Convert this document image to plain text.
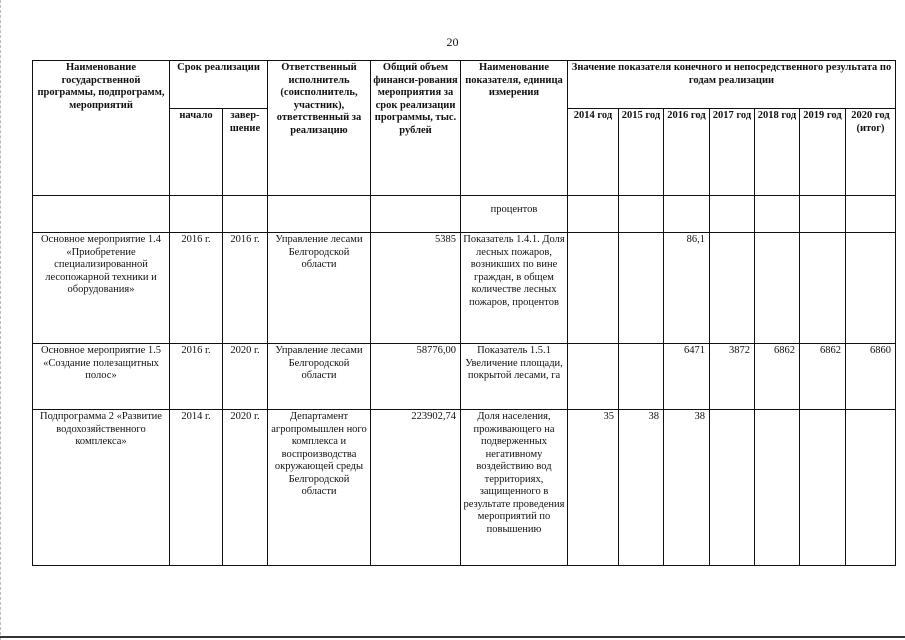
20
Наименование государственной программы, подпрограмм, мероприятий	Срок реализации		Ответственный исполнитель (соисполнитель, участник), ответственный за реализацию	Общий объем финанси-рования мероприятия за срок реализации программы, тыс. рублей	Наименование показателя, единица измерения	Значение показателя конечного и непосредственного результата по годам реализации						
	начало	завер-шение				2014 год	2015 год	2016 год	2017 год	2018 год	2019 год	2020 год (итог)
					процентов							
Основное мероприятие 1.4 «Приобретение специализированной лесопожарной техники и оборудования»	2016 г.	2016 г.	Управление лесами Белгородской области	5385	Показатель 1.4.1. Доля лесных пожаров, возникших по вине граждан, в общем количестве лесных пожаров, процентов			86,1				
Основное мероприятие 1.5 «Создание полезащитных полос»	2016 г.	2020 г.	Управление лесами Белгородской области	58776,00	Показатель 1.5.1 Увеличение площади, покрытой лесами, га			6471	3872	6862	6862	6860
Подпрограмма 2 «Развитие водохозяйственного комплекса»	2014 г.	2020 г.	Департамент агропромышлен ного комплекса и воспроизводства окружающей среды Белгородской области	223902,74	Доля населения, проживающего на подверженных негативному воздействию вод территориях, защищенного в результате проведения мероприятий по повышению	35	38	38				
